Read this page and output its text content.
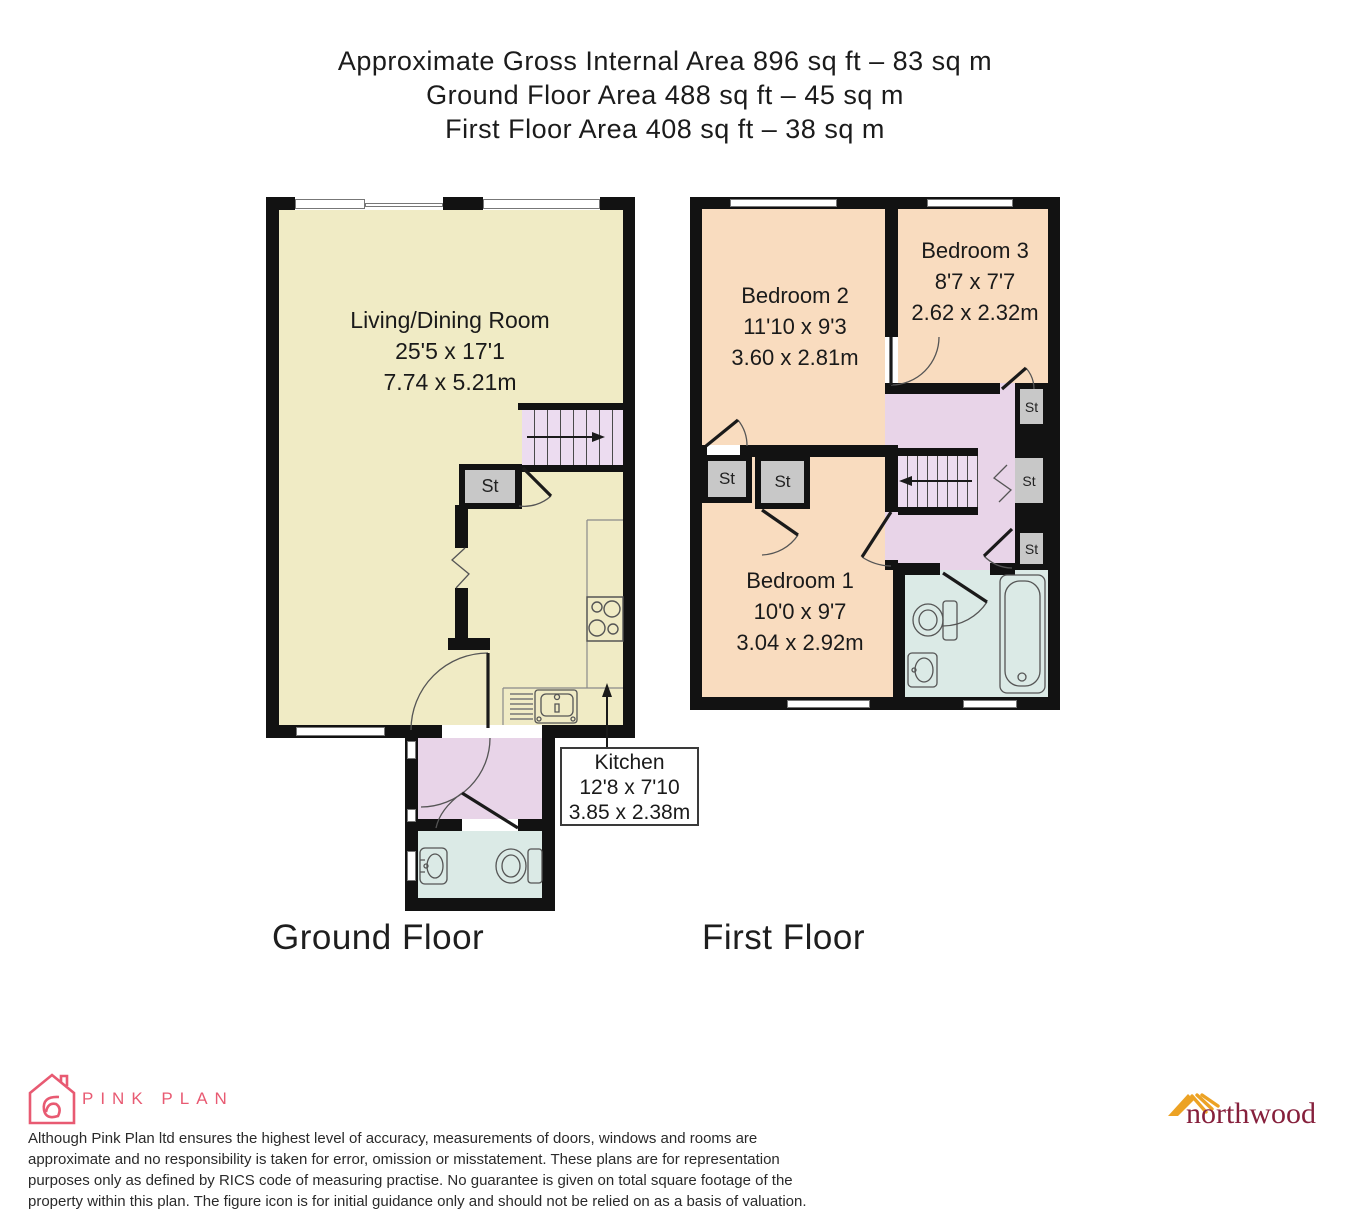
Approximate Gross Internal Area 896 sq ft – 83 sq m
Ground Floor Area 488 sq ft – 45 sq m
First Floor Area 408 sq ft – 38 sq m
St
Living/Dining Room
25'5 x 17'1
7.74 x 5.21m
Kitchen
12'8 x 7'10
3.85 x 2.38m
St St
St
St
St
Bedroom 2
11'10 x 9'3
3.60 x 2.81m
Bedroom 3
8'7 x 7'7
2.62 x 2.32m
Bedroom 1
10'0 x 9'7
3.04 x 2.92m
Ground Floor	First Floor
PINK PLAN
Although Pink Plan ltd ensures the highest level of accuracy, measurements of doors, windows and rooms are
approximate and no responsibility is taken for error, omission or misstatement. These plans are for representation
purposes only as defined by RICS code of measuring practise. No guarantee is given on total square footage of the
property within this plan. The figure icon is for initial guidance only and should not be relied on as a basis of valuation.
northwood
